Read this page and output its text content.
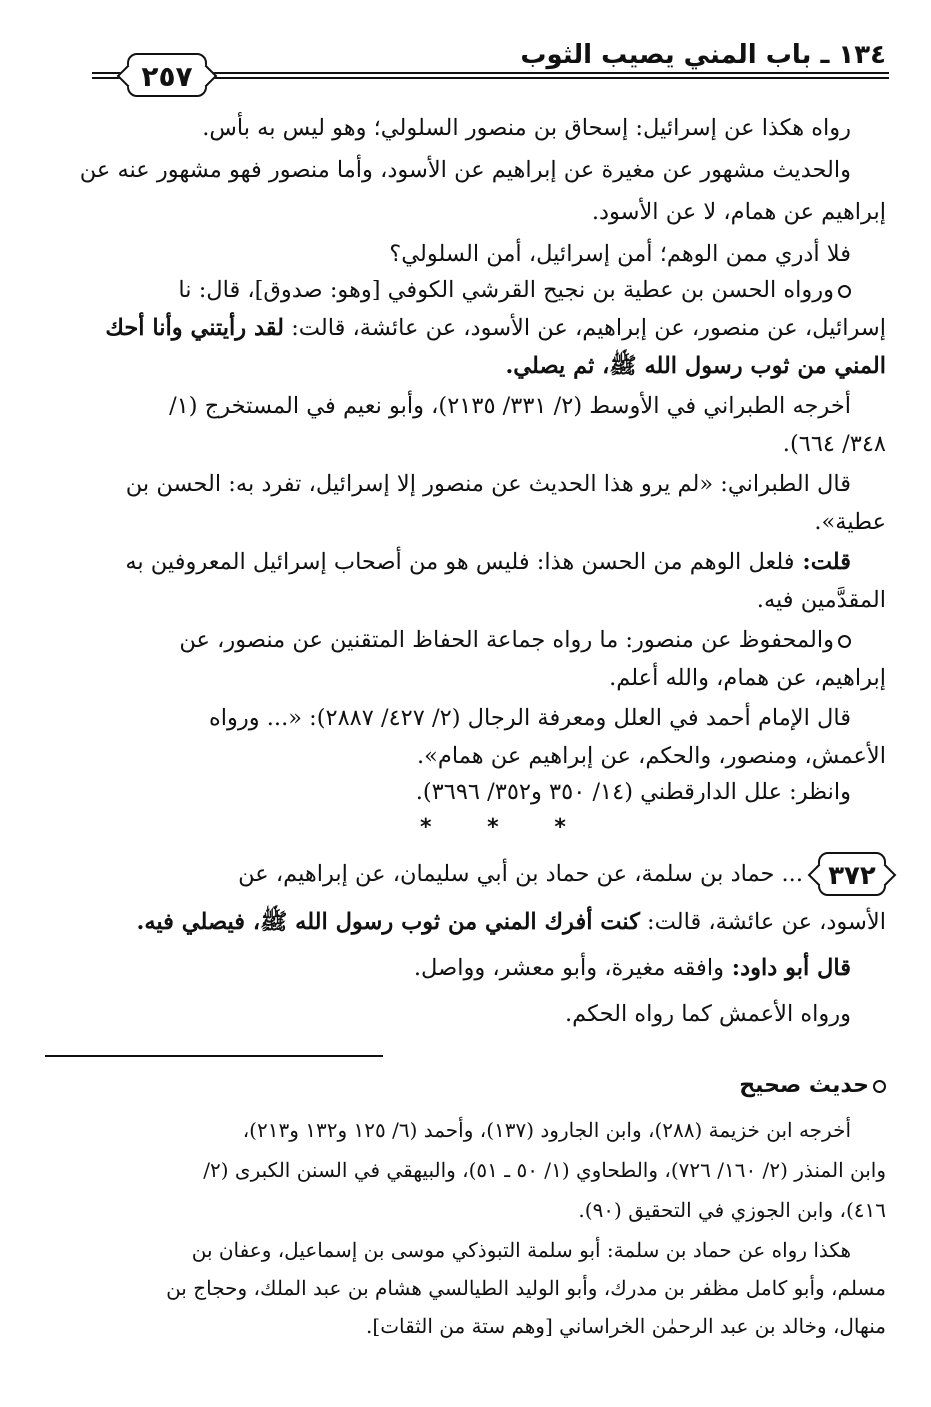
١٣٤ ـ باب المني يصيب الثوب
٢٥٧
رواه هكذا عن إسرائيل: إسحاق بن منصور السلولي؛ وهو ليس به بأس.
والحديث مشهور عن مغيرة عن إبراهيم عن الأسود، وأما منصور فهو مشهور عنه عن
إبراهيم عن همام، لا عن الأسود.
فلا أدري ممن الوهم؛ أمن إسرائيل، أمن السلولي؟
ورواه الحسن بن عطية بن نجيح القرشي الكوفي [وهو: صدوق]، قال: نا
إسرائيل، عن منصور، عن إبراهيم، عن الأسود، عن عائشة، قالت: لقد رأيتني وأنا أحك
المني من ثوب رسول الله ﷺ، ثم يصلي.
أخرجه الطبراني في الأوسط (٢/ ٣٣١/ ٢١٣٥)، وأبو نعيم في المستخرج (١/
٣٤٨/ ٦٦٤).
قال الطبراني: «لم يرو هذا الحديث عن منصور إلا إسرائيل، تفرد به: الحسن بن
عطية».
قلت: فلعل الوهم من الحسن هذا: فليس هو من أصحاب إسرائيل المعروفين به
المقدَّمين فيه.
والمحفوظ عن منصور: ما رواه جماعة الحفاظ المتقنين عن منصور، عن
إبراهيم، عن همام، والله أعلم.
قال الإمام أحمد في العلل ومعرفة الرجال (٢/ ٤٢٧/ ٢٨٨٧): «... ورواه
الأعمش، ومنصور، والحكم، عن إبراهيم عن همام».
وانظر: علل الدارقطني (١٤/ ٣٥٠ و٣٥٢/ ٣٦٩٦).
* * *
٣٧٢
... حماد بن سلمة، عن حماد بن أبي سليمان، عن إبراهيم، عن
الأسود، عن عائشة، قالت: كنت أفرك المني من ثوب رسول الله ﷺ، فيصلي فيه.
قال أبو داود: وافقه مغيرة، وأبو معشر، وواصل.
ورواه الأعمش كما رواه الحكم.
حديث صحيح
أخرجه ابن خزيمة (٢٨٨)، وابن الجارود (١٣٧)، وأحمد (٦/ ١٢٥ و١٣٢ و٢١٣)،
وابن المنذر (٢/ ١٦٠/ ٧٢٦)، والطحاوي (١/ ٥٠ ـ ٥١)، والبيهقي في السنن الكبرى (٢/
٤١٦)، وابن الجوزي في التحقيق (٩٠).
هكذا رواه عن حماد بن سلمة: أبو سلمة التبوذكي موسى بن إسماعيل، وعفان بن
مسلم، وأبو كامل مظفر بن مدرك، وأبو الوليد الطيالسي هشام بن عبد الملك، وحجاج بن
منهال، وخالد بن عبد الرحمٰن الخراساني [وهم ستة من الثقات].
